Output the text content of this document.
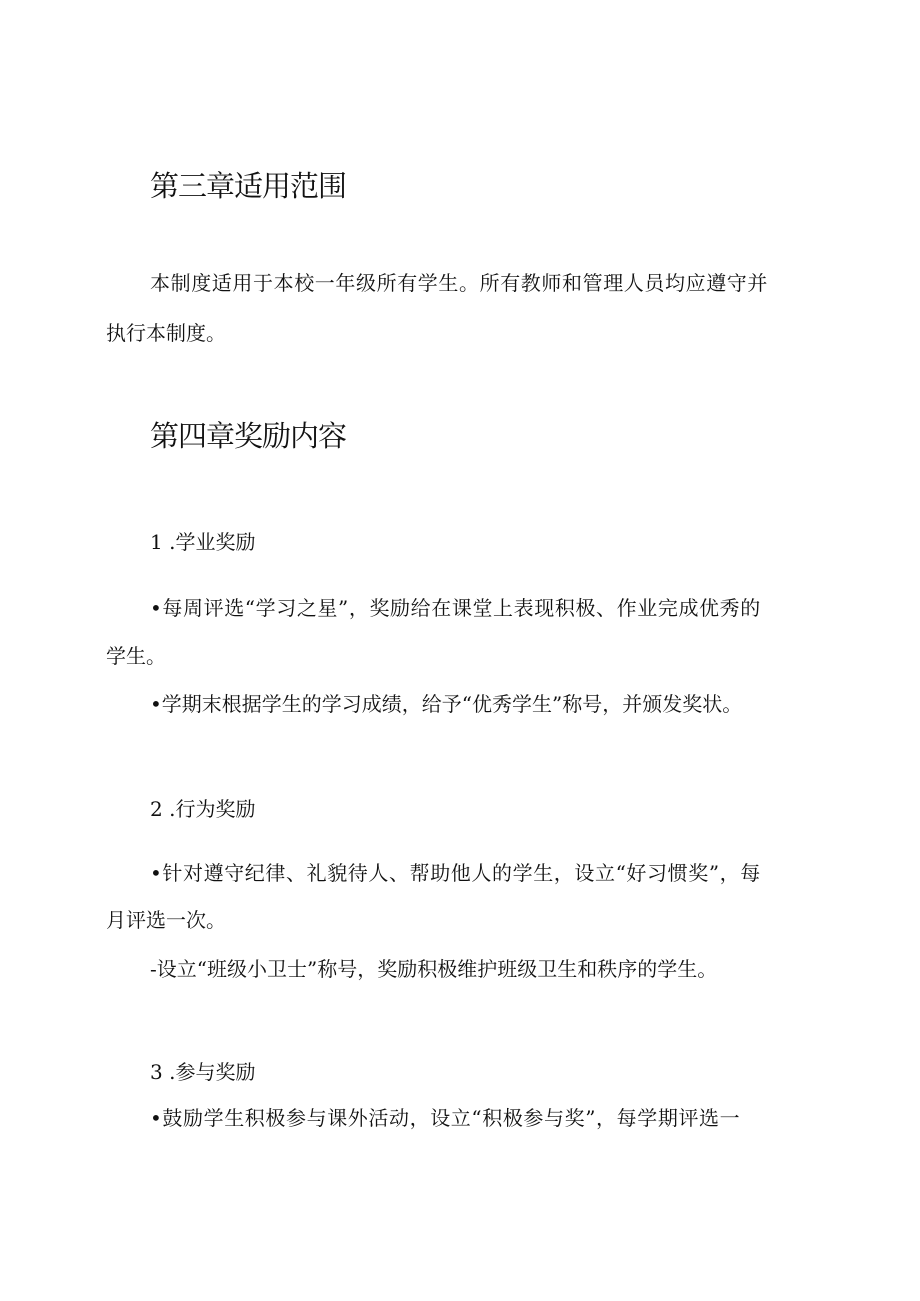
第三章适用范围

本制度适用于本校一年级所有学生。所有教师和管理人员均应遵守并

执行本制度。

第四章奖励内容

1 .学业奖励

•每周评选“学习之星”，奖励给在课堂上表现积极、作业完成优秀的

学生。

•学期末根据学生的学习成绩，给予“优秀学生”称号，并颁发奖状。

2 .行为奖励

•针对遵守纪律、礼貌待人、帮助他人的学生，设立“好习惯奖”，每

月评选一次。

-设立“班级小卫士”称号，奖励积极维护班级卫生和秩序的学生。

3 .参与奖励

•鼓励学生积极参与课外活动，设立“积极参与奖”，每学期评选一
